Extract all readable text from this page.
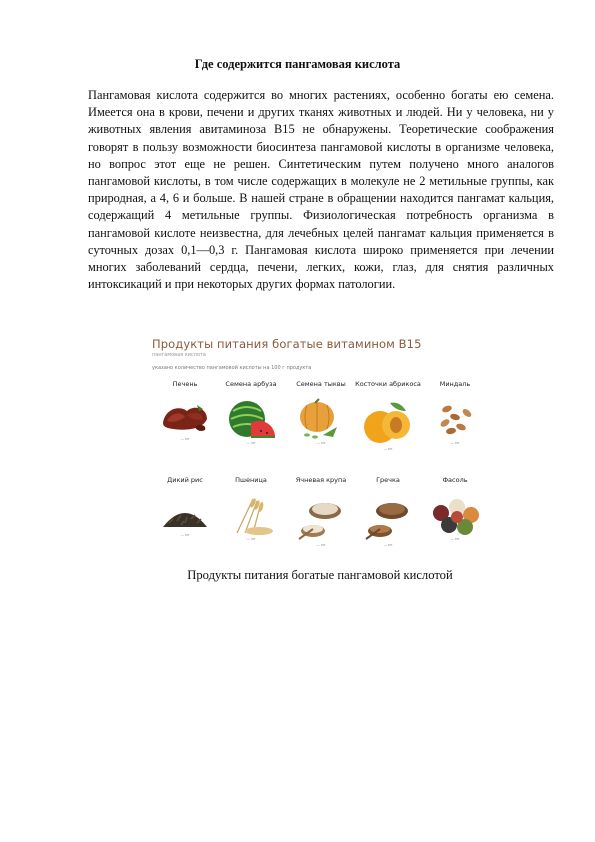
Где содержится пангамовая кислота

Пангамовая кислота содержится во многих растениях, особенно богаты ею семена. Имеется она в крови, печени и других тканях животных и людей. Ни у человека, ни у животных явления авитаминоза В15 не обнаружены. Теоретические соображения говорят в пользу возможности биосинтеза пангамовой кислоты в организме человека, но вопрос этот еще не решен. Синтетическим путем получено много аналогов пангамовой кислоты, в том числе содержащих в молекуле не 2 метильные группы, как природная, а 4, 6 и больше. В нашей стране в обращении находится пангамат кальция, содержащий 4 метильные группы. Физиологическая потребность организма в пангамовой кислоте неизвестна, для лечебных целей пангамат кальция применяется в суточных дозах 0,1—0,3 г. Пангамовая кислота широко применяется при лечении многих заболеваний сердца, печени, легких, кожи, глаз, для снятия различных интоксикаций и при некоторых других формах патологии.

Продукты питания богатые витамином В15
пангамовая кислота
указано количество пангамовой кислоты на 100 г продукта
Печень
— мг
Семена арбуза
— мг
Семена тыквы
— мг
Косточки абрикоса
— мг
Миндаль
— мг
Дикий рис
— мг
Пшеница
— мг
Ячневая крупа
— мг
Гречка
— мг
Фасоль
— мг
Продукты питания богатые пангамовой кислотой
